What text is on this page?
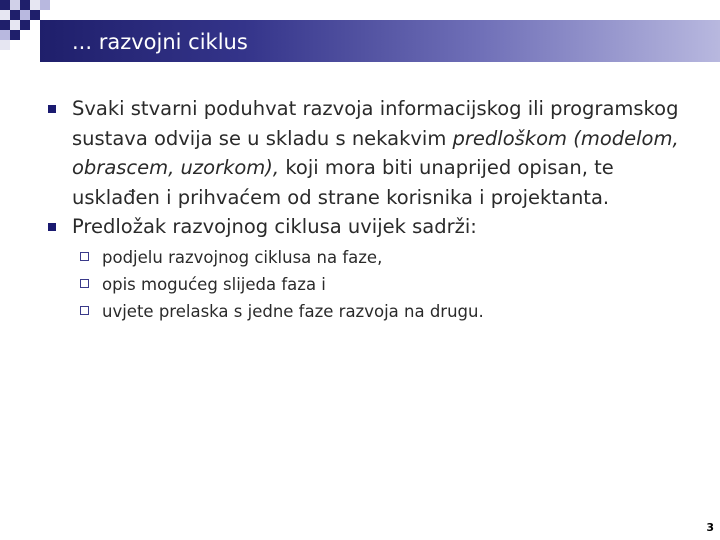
... razvojni ciklus
Svaki stvarni poduhvat razvoja informacijskog ili programskog sustava odvija se u skladu s nekakvim predloškom (modelom, obrascem, uzorkom), koji mora biti unaprijed opisan, te usklađen i prihvaćem od strane korisnika i projektanta.
Predložak razvojnog ciklusa uvijek sadrži:
podjelu razvojnog ciklusa na faze,
opis mogućeg slijeda faza i
uvjete prelaska s jedne faze razvoja na drugu.
3
